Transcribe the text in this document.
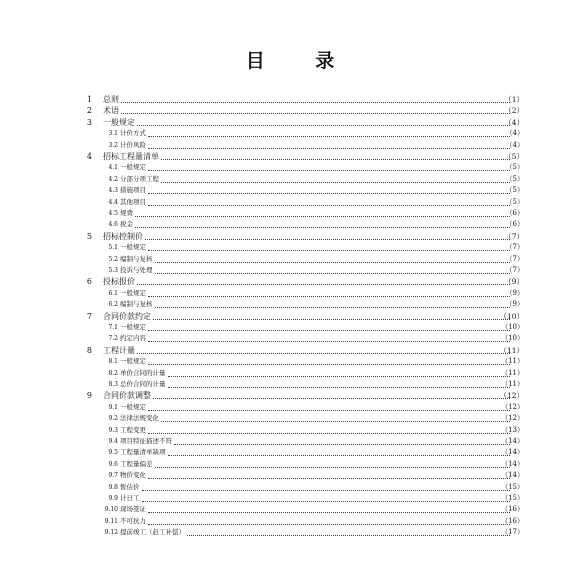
目 录
1 总则	（1）
2 术语	（2）
3 一般规定	（4）
3.1 计价方式	（4）
3.2 计价风险	（4）
4 招标工程量清单	（5）
4.1 一般规定	（5）
4.2 分部分项工程	（5）
4.3 措施项目	（5）
4.4 其他项目	（5）
4.5 规费	（6）
4.6 税金	（6）
5 招标控制价	（7）
5.1 一般规定	（7）
5.2 编制与复核	（7）
5.3 投诉与处理	（7）
6 投标报价	（9）
6.1 一般规定	（9）
6.2 编制与复核	（9）
7 合同价款约定	（10）
7.1 一般规定	（10）
7.2 约定内容	（10）
8 工程计量	（11）
8.1 一般规定	（11）
8.2 单价合同的计量	（11）
8.3 总价合同的计量	（11）
9 合同价款调整	（12）
9.1 一般规定	（12）
9.2 法律法规变化	（12）
9.3 工程变更	（13）
9.4 项目特征描述不符	（14）
9.5 工程量清单缺项	（14）
9.6 工程量偏差	（14）
9.7 物价变化	（14）
9.8 暂估价	（15）
9.9 计日工	（15）
9.10 现场签证	（16）
9.11 不可抗力	（16）
9.12 提前竣工（赶工补偿）	（17）
